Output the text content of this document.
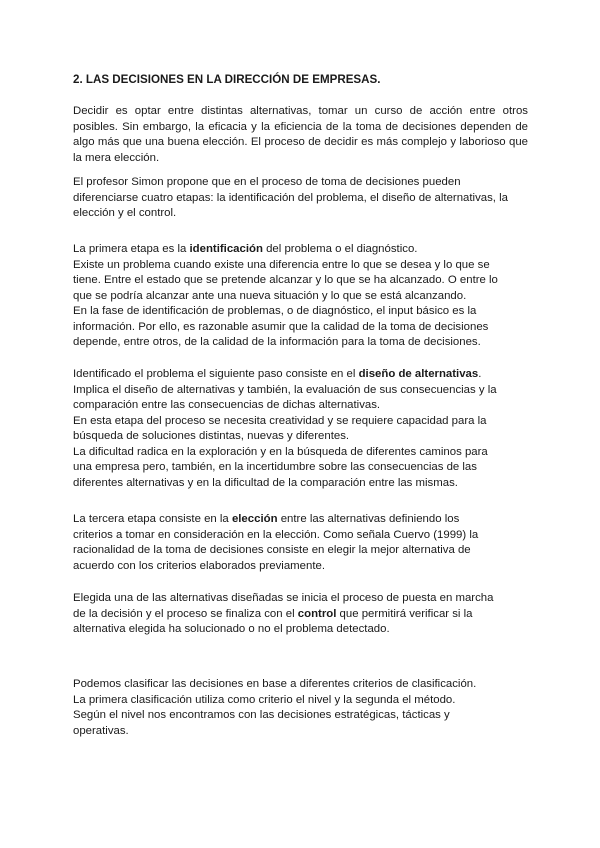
2. LAS DECISIONES EN LA DIRECCIÓN DE EMPRESAS.

Decidir es optar entre distintas alternativas, tomar un curso de acción entre otros posibles. Sin embargo, la eficacia y la eficiencia de la toma de decisiones dependen de algo más que una buena elección. El proceso de decidir es más complejo y laborioso que la mera elección.

El profesor Simon propone que en el proceso de toma de decisiones pueden diferenciarse cuatro etapas: la identificación del problema, el diseño de alternativas, la elección y el control.

La primera etapa es la identificación del problema o el diagnóstico.
Existe un problema cuando existe una diferencia entre lo que se desea y lo que se
tiene. Entre el estado que se pretende alcanzar y lo que se ha alcanzado. O entre lo
que se podría alcanzar ante una nueva situación y lo que se está alcanzando.
En la fase de identificación de problemas, o de diagnóstico, el input básico es la
información. Por ello, es razonable asumir que la calidad de la toma de decisiones
depende, entre otros, de la calidad de la información para la toma de decisiones.
Identificado el problema el siguiente paso consiste en el diseño de alternativas.
Implica el diseño de alternativas y también, la evaluación de sus consecuencias y la
comparación entre las consecuencias de dichas alternativas.
En esta etapa del proceso se necesita creatividad y se requiere capacidad para la
búsqueda de soluciones distintas, nuevas y diferentes.
La dificultad radica en la exploración y en la búsqueda de diferentes caminos para
una empresa pero, también, en la incertidumbre sobre las consecuencias de las
diferentes alternativas y en la dificultad de la comparación entre las mismas.
La tercera etapa consiste en la elección entre las alternativas definiendo los
criterios a tomar en consideración en la elección. Como señala Cuervo (1999) la
racionalidad de la toma de decisiones consiste en elegir la mejor alternativa de
acuerdo con los criterios elaborados previamente.
Elegida una de las alternativas diseñadas se inicia el proceso de puesta en marcha
de la decisión y el proceso se finaliza con el control que permitirá verificar si la
alternativa elegida ha solucionado o no el problema detectado.
Podemos clasificar las decisiones en base a diferentes criterios de clasificación.
La primera clasificación utiliza como criterio el nivel y la segunda el método.
Según el nivel nos encontramos con las decisiones estratégicas, tácticas y
operativas.
